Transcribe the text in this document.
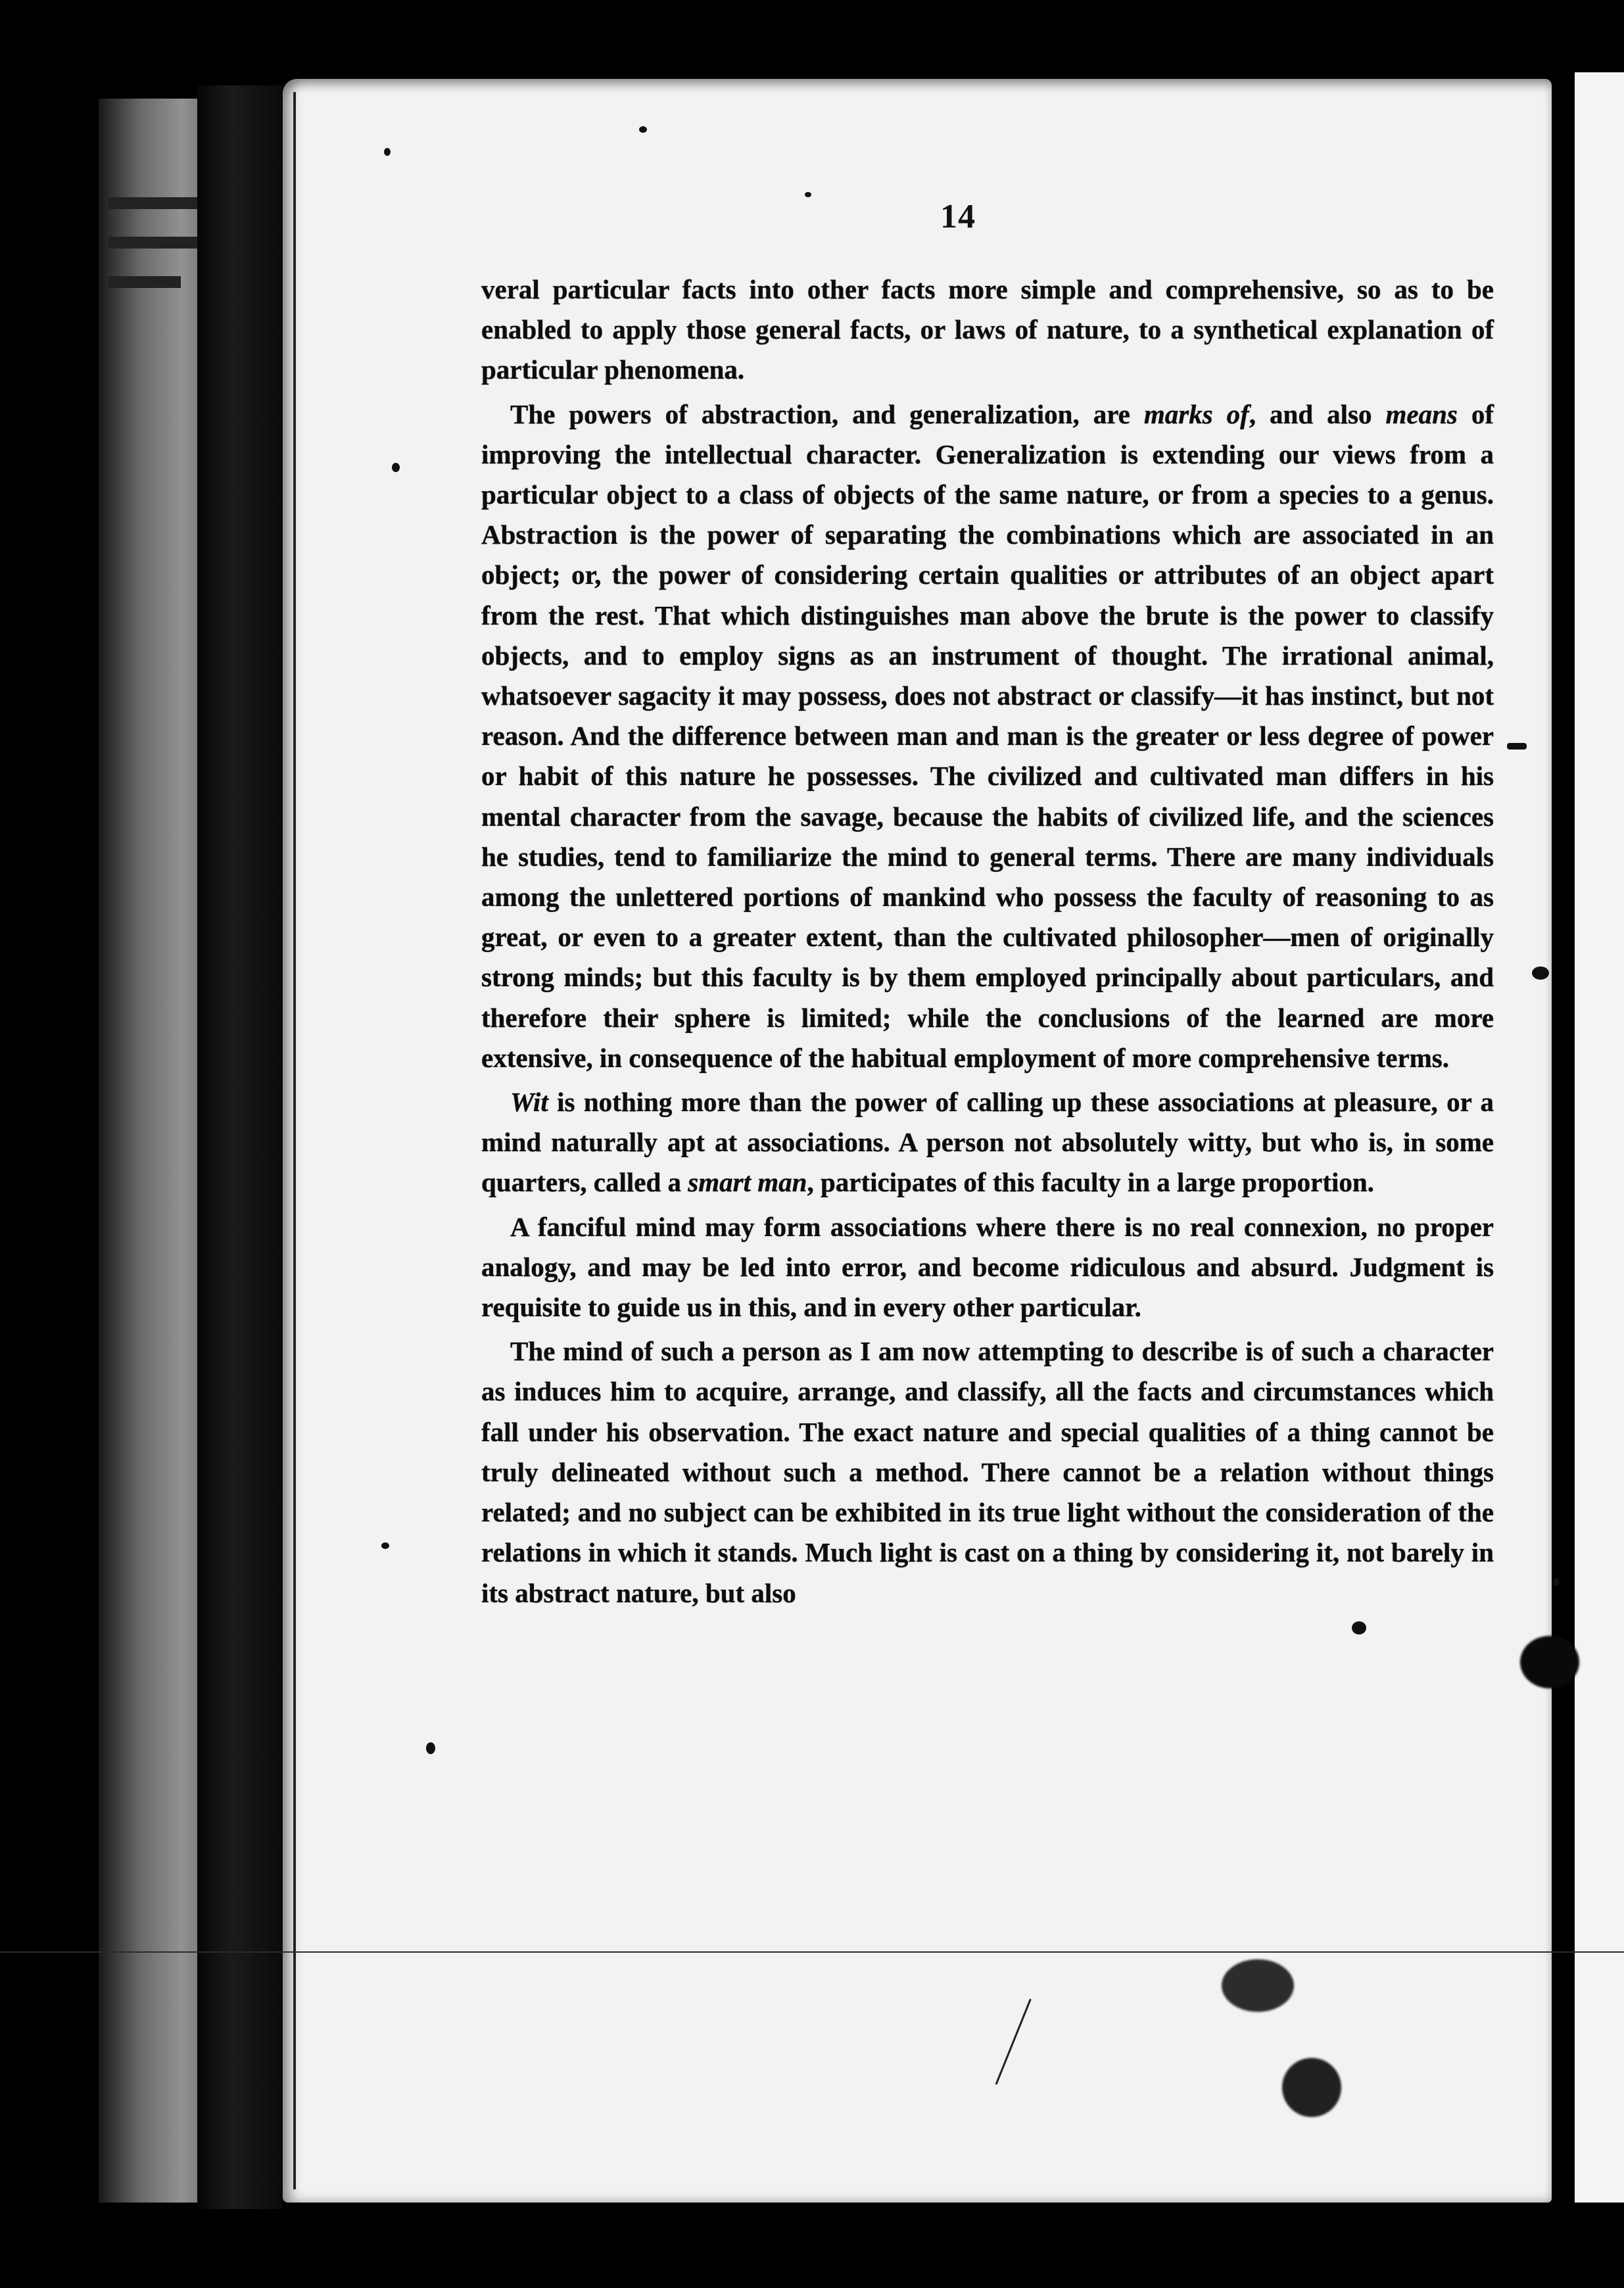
14

veral particular facts into other facts more simple and comprehensive, so as to be enabled to apply those general facts, or laws of nature, to a synthetical explanation of particular phenomena.

The powers of abstraction, and generalization, are marks of, and also means of improving the intellectual character. Generalization is extending our views from a particular object to a class of objects of the same nature, or from a species to a genus. Abstraction is the power of separating the combinations which are associated in an object; or, the power of considering certain qualities or attributes of an object apart from the rest. That which distinguishes man above the brute is the power to classify objects, and to employ signs as an instrument of thought. The irrational animal, whatsoever sagacity it may possess, does not abstract or classify—it has instinct, but not reason. And the difference between man and man is the greater or less degree of power or habit of this nature he possesses. The civilized and cultivated man differs in his mental character from the savage, because the habits of civilized life, and the sciences he studies, tend to familiarize the mind to general terms. There are many individuals among the unlettered portions of mankind who possess the faculty of reasoning to as great, or even to a greater extent, than the cultivated philosopher—men of originally strong minds; but this faculty is by them employed principally about particulars, and therefore their sphere is limited; while the conclusions of the learned are more extensive, in consequence of the habitual employment of more comprehensive terms.

Wit is nothing more than the power of calling up these associations at pleasure, or a mind naturally apt at associations. A person not absolutely witty, but who is, in some quarters, called a smart man, participates of this faculty in a large proportion.

A fanciful mind may form associations where there is no real connexion, no proper analogy, and may be led into error, and become ridiculous and absurd. Judgment is requisite to guide us in this, and in every other particular.

The mind of such a person as I am now attempting to describe is of such a character as induces him to acquire, arrange, and classify, all the facts and circumstances which fall under his observation. The exact nature and special qualities of a thing cannot be truly delineated without such a method. There cannot be a relation without things related; and no subject can be exhibited in its true light without the consideration of the relations in which it stands. Much light is cast on a thing by considering it, not barely in its abstract nature, but also
